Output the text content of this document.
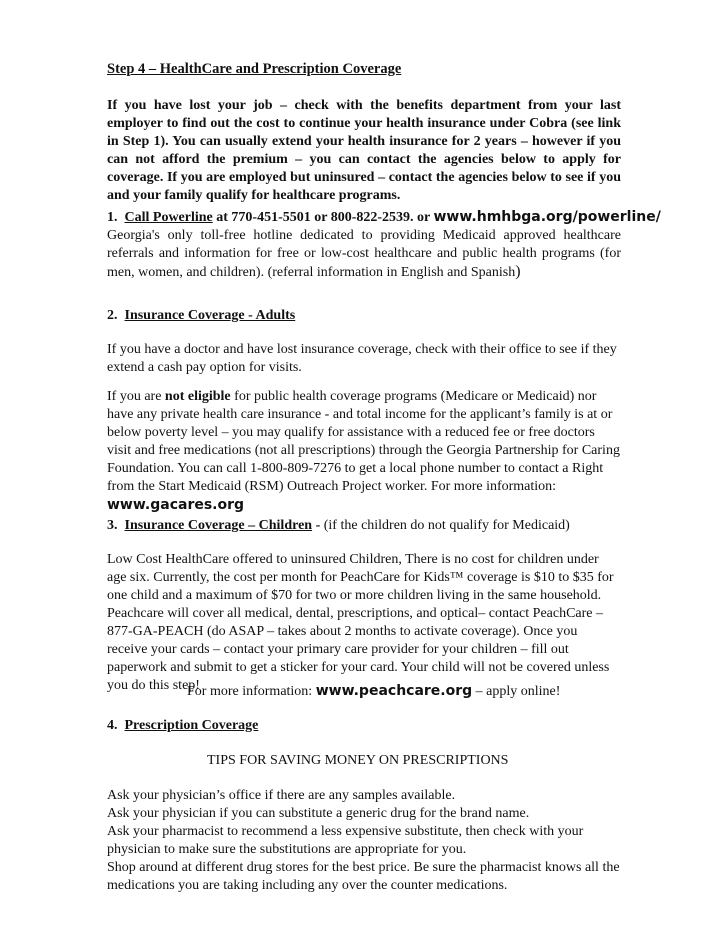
Step 4 – HealthCare and Prescription Coverage
If you have lost your job – check with the benefits department from your last employer to find out the cost to continue your health insurance under Cobra (see link in Step 1). You can usually extend your health insurance for 2 years – however if you can not afford the premium – you can contact the agencies below to apply for coverage. If you are employed but uninsured – contact the agencies below to see if you and your family qualify for healthcare programs.
1. Call Powerline at 770-451-5501 or 800-822-2539. or www.hmhbga.org/powerline/
Georgia's only toll-free hotline dedicated to providing Medicaid approved healthcare referrals and information for free or low-cost healthcare and public health programs (for men, women, and children). (referral information in English and Spanish)
2. Insurance Coverage - Adults
If you have a doctor and have lost insurance coverage, check with their office to see if they extend a cash pay option for visits.
If you are not eligible for public health coverage programs (Medicare or Medicaid) nor have any private health care insurance - and total income for the applicant’s family is at or below poverty level – you may qualify for assistance with a reduced fee or free doctors visit and free medications (not all prescriptions) through the Georgia Partnership for Caring Foundation. You can call 1-800-809-7276 to get a local phone number to contact a Right from the Start Medicaid (RSM) Outreach Project worker. For more information:
www.gacares.org
3. Insurance Coverage – Children - (if the children do not qualify for Medicaid)
Low Cost HealthCare offered to uninsured Children, There is no cost for children under age six. Currently, the cost per month for PeachCare for Kids™ coverage is $10 to $35 for one child and a maximum of $70 for two or more children living in the same household. Peachcare will cover all medical, dental, prescriptions, and optical– contact PeachCare – 877-GA-PEACH (do ASAP – takes about 2 months to activate coverage). Once you receive your cards – contact your primary care provider for your children – fill out paperwork and submit to get a sticker for your card. Your child will not be covered unless you do this step!
For more information: www.peachcare.org – apply online!
4. Prescription Coverage
TIPS FOR SAVING MONEY ON PRESCRIPTIONS
Ask your physician’s office if there are any samples available.
Ask your physician if you can substitute a generic drug for the brand name.
Ask your pharmacist to recommend a less expensive substitute, then check with your physician to make sure the substitutions are appropriate for you.
Shop around at different drug stores for the best price. Be sure the pharmacist knows all the medications you are taking including any over the counter medications.
